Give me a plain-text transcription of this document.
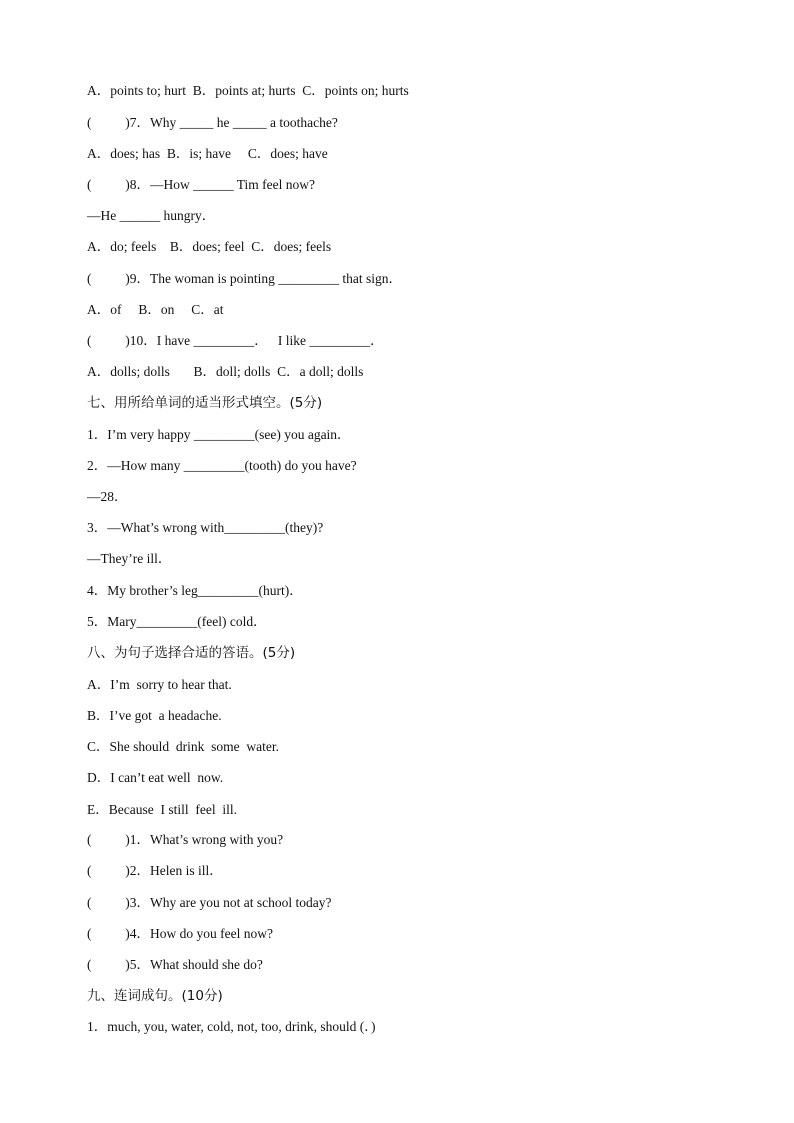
A．points to; hurt  B．points at; hurts  C．points on; hurts
(          )7．Why _____ he _____ a toothache?
A．does; has  B．is; have     C．does; have
(          )8．—How ______ Tim feel now?
—He ______ hungry．
A．do; feels    B．does; feel  C．does; feels
(          )9．The woman is pointing _________ that sign．
A．of     B．on     C．at
(          )10．I have _________．   I like _________．
A．dolls; dolls       B．doll; dolls  C．a doll; dolls
七、用所给单词的适当形式填空。(5分)
1．I’m very happy _________(see) you again．
2．—How many _________(tooth) do you have?
—28．
3．—What’s wrong with_________(they)?
—They’re ill．
4．My brother’s leg_________(hurt)．
5．Mary_________(feel) cold．
八、为句子选择合适的答语。(5分)
A．I’m  sorry to hear that.
B．I’ve got  a headache.
C．She should  drink  some  water.
D．I can’t eat well  now.
E．Because  I still  feel  ill.
(          )1．What’s wrong with you?
(          )2．Helen is ill．
(          )3．Why are you not at school today?
(          )4．How do you feel now?
(          )5．What should she do?
九、连词成句。(10分)
1．much, you, water, cold, not, too, drink, should (．)
